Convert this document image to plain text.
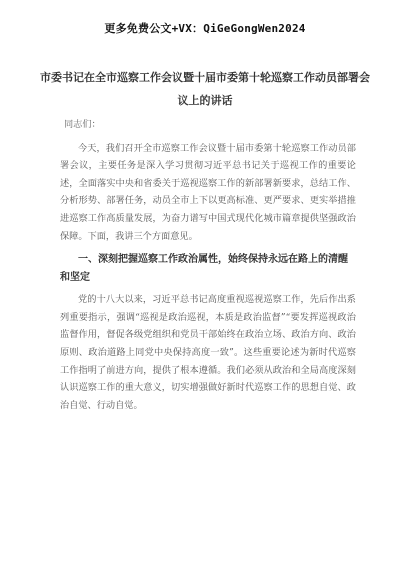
更多免费公文+VX：QiGeGongWen2024
市委书记在全市巡察工作会议暨十届市委第十轮巡察工作动员部署会议上的讲话
同志们：
今天，我们召开全市巡察工作会议暨十届市委第十轮巡察工作动员部署会议，主要任务是深入学习贯彻习近平总书记关于巡视工作的重要论述，全面落实中央和省委关于巡视巡察工作的新部署新要求，总结工作、分析形势、部署任务，动员全市上下以更高标准、更严要求、更实举措推进巡察工作高质量发展，为奋力谱写中国式现代化城市篇章提供坚强政治保障。下面，我讲三个方面意见。
一、深刻把握巡察工作政治属性，始终保持永远在路上的清醒和坚定
党的十八大以来，习近平总书记高度重视巡视巡察工作，先后作出系列重要指示，强调“巡视是政治巡视，本质是政治监督”“要发挥巡视政治监督作用，督促各级党组织和党员干部始终在政治立场、政治方向、政治原则、政治道路上同党中央保持高度一致”。这些重要论述为新时代巡察工作指明了前进方向，提供了根本遵循。我们必须从政治和全局高度深刻认识巡察工作的重大意义，切实增强做好新时代巡察工作的思想自觉、政治自觉、行动自觉。
